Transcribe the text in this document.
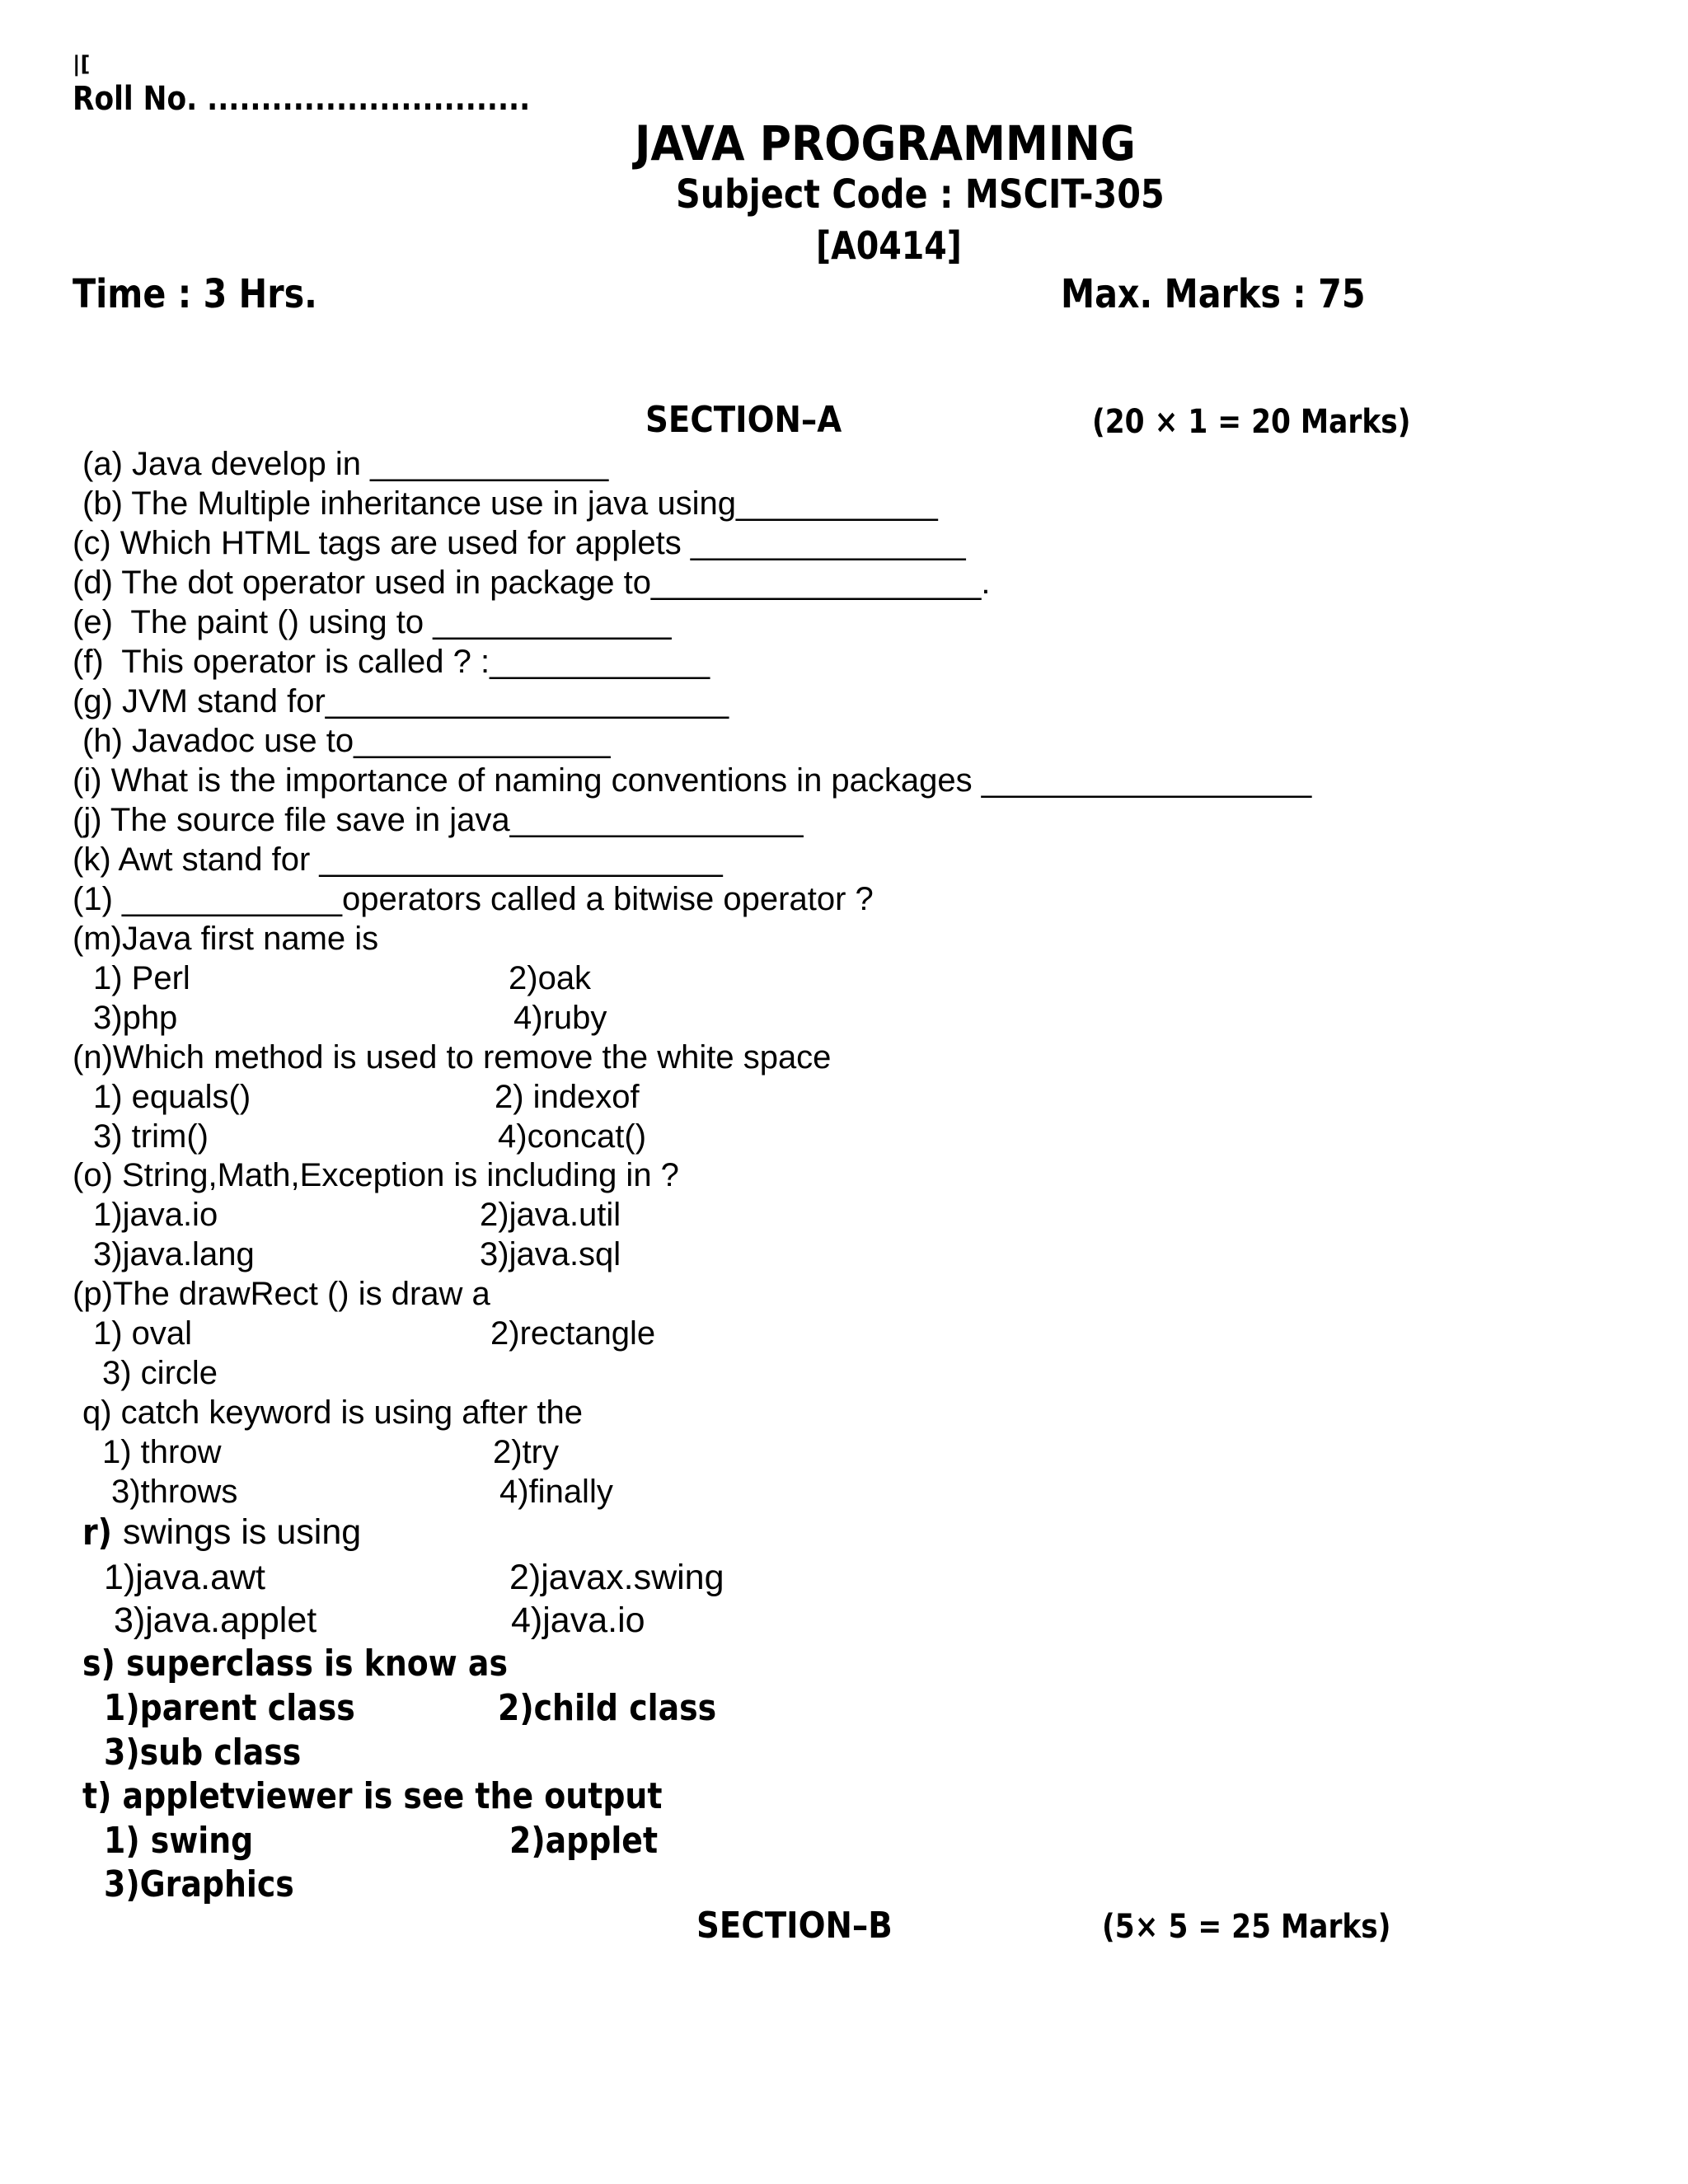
|[
Roll No. ..............................
JAVA PROGRAMMING
Subject Code : MSCIT-305
[A0414]
Time : 3 Hrs.	Max. Marks : 75
SECTION–A	(20 × 1 = 20 Marks)
(a) Java develop in _____________
(b) The Multiple inheritance use in java using___________
(c) Which HTML tags are used for applets _______________
(d) The dot operator used in package to__________________.
(e)  The paint () using to _____________
(f)  This operator is called ? :____________
(g) JVM stand for______________________
(h) Javadoc use to______________
(i) What is the importance of naming conventions in packages __________________
(j) The source file save in java________________
(k) Awt stand for ______________________
(1) ____________operators called a bitwise operator ?
(m)Java first name is
1) Perl	2)oak
3)php	4)ruby
(n)Which method is used to remove the white space
1) equals()	2) indexof
3) trim()	4)concat()
(o) String,Math,Exception is including in ?
1)java.io	2)java.util
3)java.lang	3)java.sql
(p)The drawRect () is draw a
1) oval	2)rectangle
3) circle
q) catch keyword is using after the
1) throw	2)try
3)throws	4)finally
r) swings is using
1)java.awt	2)javax.swing
3)java.applet	4)java.io
s) superclass is know as
1)parent class	2)child class
3)sub class
t) appletviewer is see the output
1) swing	2)applet
3)Graphics
SECTION–B	(5× 5 = 25 Marks)
